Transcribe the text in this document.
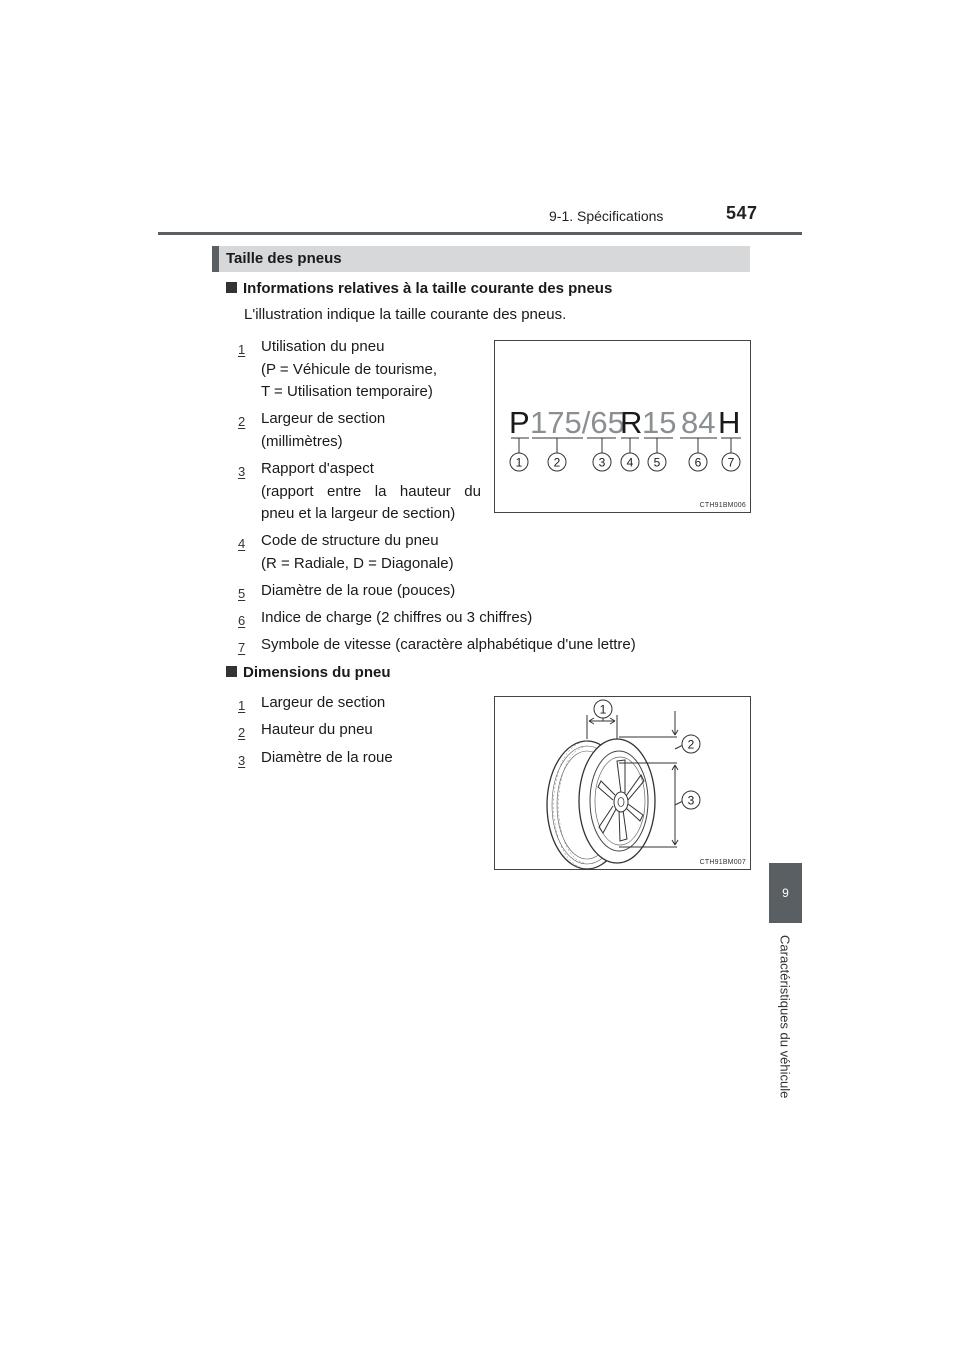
9-1. Spécifications	547
9
Caractéristiques du véhicule
Taille des pneus
Informations relatives à la taille courante des pneus
L'illustration indique la taille courante des pneus.
1	Utilisation du pneu
(P = Véhicule de tourisme,
T = Utilisation temporaire)
2	Largeur de section
(millimètres)
3	Rapport d'aspect
(rapport entre la hauteur du pneu et la largeur de section)
4	Code de structure du pneu
(R = Radiale, D = Diagonale)
5	Diamètre de la roue (pouces)
6	Indice de charge (2 chiffres ou 3 chiffres)
7	Symbole de vitesse (caractère alphabétique d'une lettre)
P 175/65
R 15 84 H
1	2	3 4 5	6 7
CTH91BM006
Dimensions du pneu
1	Largeur de section
2	Hauteur du pneu
3	Diamètre de la roue
1
2
3
CTH91BM007
